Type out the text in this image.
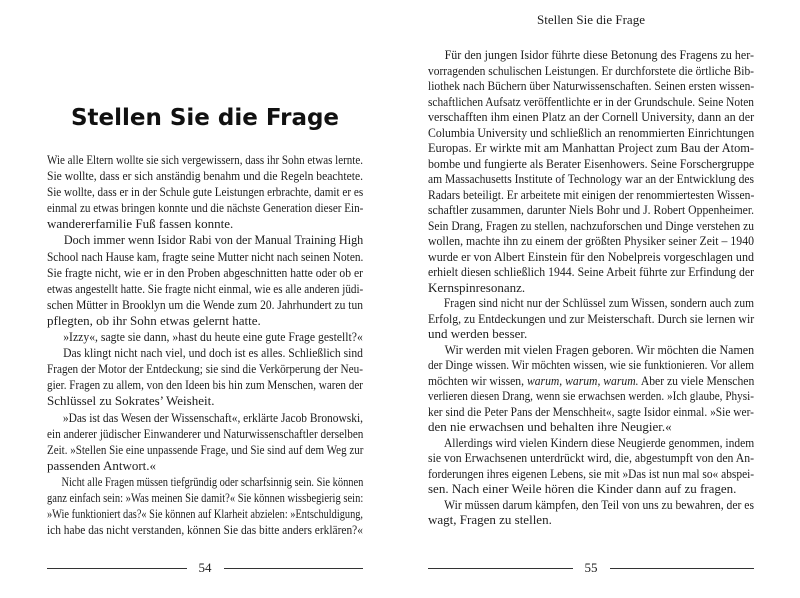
Stellen Sie die Frage
Wie alle Eltern wollte sie sich vergewissern, dass ihr Sohn etwas lernte.
Sie wollte, dass er sich anständig benahm und die Regeln beachtete.
Sie wollte, dass er in der Schule gute Leistungen erbrachte, damit er es
einmal zu etwas bringen konnte und die nächste Generation dieser Ein-
wandererfamilie Fuß fassen konnte.
Doch immer wenn Isidor Rabi von der Manual Training High
School nach Hause kam, fragte seine Mutter nicht nach seinen Noten.
Sie fragte nicht, wie er in den Proben abgeschnitten hatte oder ob er
etwas angestellt hatte. Sie fragte nicht einmal, wie es alle anderen jüdi-
schen Mütter in Brooklyn um die Wende zum 20. Jahrhundert zu tun
pflegten, ob ihr Sohn etwas gelernt hatte.
»Izzy«, sagte sie dann, »hast du heute eine gute Frage gestellt?«
Das klingt nicht nach viel, und doch ist es alles. Schließlich sind
Fragen der Motor der Entdeckung; sie sind die Verkörperung der Neu-
gier. Fragen zu allem, von den Ideen bis hin zum Menschen, waren der
Schlüssel zu Sokrates’ Weisheit.
»Das ist das Wesen der Wissenschaft«, erklärte Jacob Bronowski,
ein anderer jüdischer Einwanderer und Naturwissenschaftler derselben
Zeit. »Stellen Sie eine unpassende Frage, und Sie sind auf dem Weg zur
passenden Antwort.«
Nicht alle Fragen müssen tiefgründig oder scharfsinnig sein. Sie können
ganz einfach sein: »Was meinen Sie damit?« Sie können wissbegierig sein:
»Wie funktioniert das?« Sie können auf Klarheit abzielen: »Entschuldigung,
ich habe das nicht verstanden, können Sie das bitte anders erklären?«
54
Stellen Sie die Frage
Für den jungen Isidor führte diese Betonung des Fragens zu her-
vorragenden schulischen Leistungen. Er durchforstete die örtliche Bib-
liothek nach Büchern über Naturwissenschaften. Seinen ersten wissen-
schaftlichen Aufsatz veröffentlichte er in der Grundschule. Seine Noten
verschafften ihm einen Platz an der Cornell University, dann an der
Columbia University und schließlich an renommierten Einrichtungen
Europas. Er wirkte mit am Manhattan Project zum Bau der Atom-
bombe und fungierte als Berater Eisenhowers. Seine Forschergruppe
am Massachusetts Institute of Technology war an der Entwicklung des
Radars beteiligt. Er arbeitete mit einigen der renommiertesten Wissen-
schaftler zusammen, darunter Niels Bohr und J. Robert Oppenheimer.
Sein Drang, Fragen zu stellen, nachzuforschen und Dinge verstehen zu
wollen, machte ihn zu einem der größten Physiker seiner Zeit – 1940
wurde er von Albert Einstein für den Nobelpreis vorgeschlagen und
erhielt diesen schließlich 1944. Seine Arbeit führte zur Erfindung der
Kernspinresonanz.
Fragen sind nicht nur der Schlüssel zum Wissen, sondern auch zum
Erfolg, zu Entdeckungen und zur Meisterschaft. Durch sie lernen wir
und werden besser.
Wir werden mit vielen Fragen geboren. Wir möchten die Namen
der Dinge wissen. Wir möchten wissen, wie sie funktionieren. Vor allem
möchten wir wissen, warum, warum, warum. Aber zu viele Menschen
verlieren diesen Drang, wenn sie erwachsen werden. »Ich glaube, Physi-
ker sind die Peter Pans der Menschheit«, sagte Isidor einmal. »Sie wer-
den nie erwachsen und behalten ihre Neugier.«
Allerdings wird vielen Kindern diese Neugierde genommen, indem
sie von Erwachsenen unterdrückt wird, die, abgestumpft von den An-
forderungen ihres eigenen Lebens, sie mit »Das ist nun mal so« abspei-
sen. Nach einer Weile hören die Kinder dann auf zu fragen.
Wir müssen darum kämpfen, den Teil von uns zu bewahren, der es
wagt, Fragen zu stellen.
55
